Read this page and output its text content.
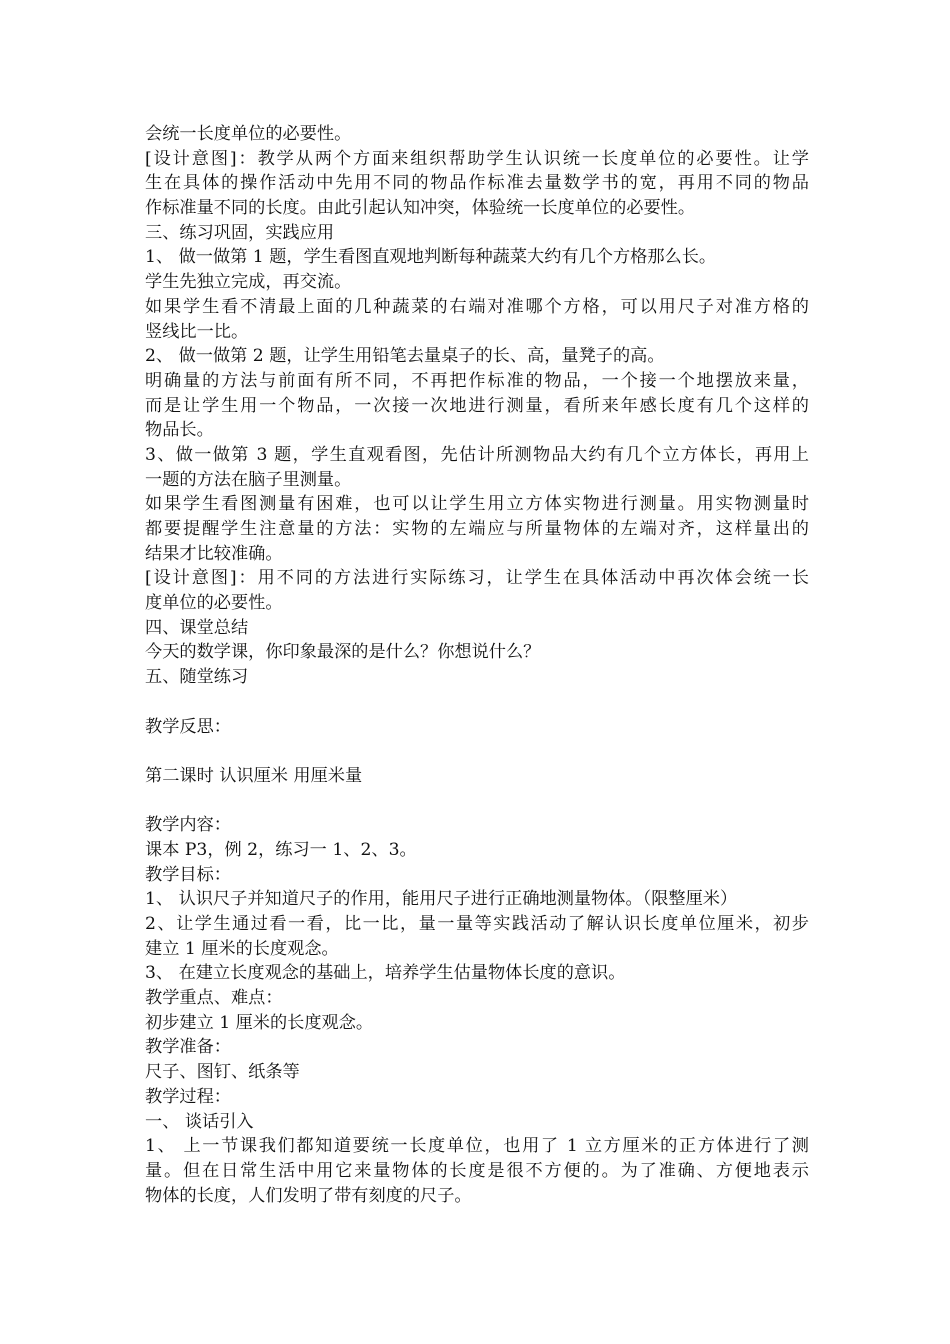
会统一长度单位的必要性。
[设计意图]：教学从两个方面来组织帮助学生认识统一长度单位的必要性。让学
生在具体的操作活动中先用不同的物品作标准去量数学书的宽，再用不同的物品
作标准量不同的长度。由此引起认知冲突，体验统一长度单位的必要性。
三、练习巩固，实践应用
1、 做一做第 1 题，学生看图直观地判断每种蔬菜大约有几个方格那么长。
学生先独立完成，再交流。
如果学生看不清最上面的几种蔬菜的右端对准哪个方格，可以用尺子对准方格的
竖线比一比。
2、 做一做第 2 题，让学生用铅笔去量桌子的长、高，量凳子的高。
明确量的方法与前面有所不同，不再把作标准的物品，一个接一个地摆放来量，
而是让学生用一个物品，一次接一次地进行测量，看所来年感长度有几个这样的
物品长。
3、做一做第 3 题，学生直观看图，先估计所测物品大约有几个立方体长，再用上
一题的方法在脑子里测量。
如果学生看图测量有困难，也可以让学生用立方体实物进行测量。用实物测量时
都要提醒学生注意量的方法：实物的左端应与所量物体的左端对齐，这样量出的
结果才比较准确。
[设计意图]：用不同的方法进行实际练习，让学生在具体活动中再次体会统一长
度单位的必要性。
四、课堂总结
今天的数学课，你印象最深的是什么？你想说什么？
五、随堂练习
教学反思：
第二课时 认识厘米 用厘米量
教学内容：
课本 P3，例 2，练习一 1、2、3。
教学目标：
1、 认识尺子并知道尺子的作用，能用尺子进行正确地测量物体。（限整厘米）
2、让学生通过看一看，比一比，量一量等实践活动了解认识长度单位厘米，初步
建立 1 厘米的长度观念。
3、 在建立长度观念的基础上，培养学生估量物体长度的意识。
教学重点、难点：
初步建立 1 厘米的长度观念。
教学准备：
尺子、图钉、纸条等
教学过程：
一、 谈话引入
1、 上一节课我们都知道要统一长度单位，也用了 1 立方厘米的正方体进行了测
量。但在日常生活中用它来量物体的长度是很不方便的。为了准确、方便地表示
物体的长度，人们发明了带有刻度的尺子。
